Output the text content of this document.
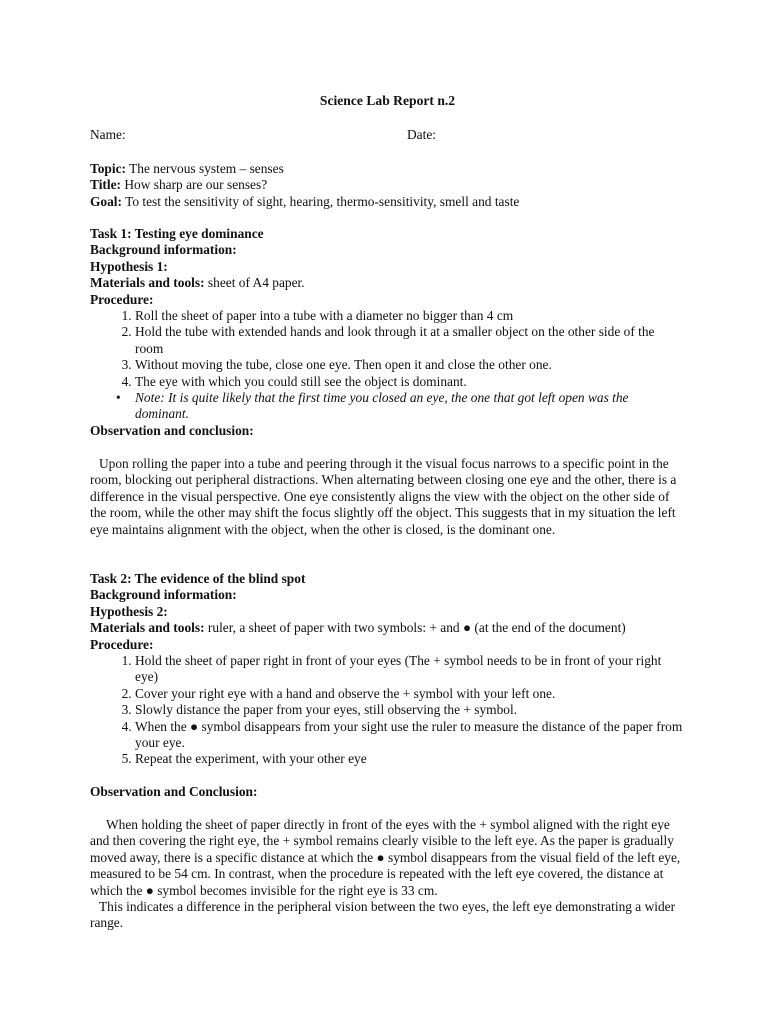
Science Lab Report n.2
Name:	Date:
Topic: The nervous system – senses
Title: How sharp are our senses?
Goal: To test the sensitivity of sight, hearing, thermo-sensitivity, smell and taste
Task 1: Testing eye dominance
Background information:
Hypothesis 1:
Materials and tools: sheet of A4 paper.
Procedure:
1. Roll the sheet of paper into a tube with a diameter no bigger than 4 cm
2. Hold the tube with extended hands and look through it at a smaller object on the other side of the room
3. Without moving the tube, close one eye. Then open it and close the other one.
4. The eye with which you could still see the object is dominant.
• Note: It is quite likely that the first time you closed an eye, the one that got left open was the dominant.
Observation and conclusion:

Upon rolling the paper into a tube and peering through it the visual focus narrows to a specific point in the room, blocking out peripheral distractions. When alternating between closing one eye and the other, there is a difference in the visual perspective. One eye consistently aligns the view with the object on the other side of the room, while the other may shift the focus slightly off the object. This suggests that in my situation the left eye maintains alignment with the object, when the other is closed, is the dominant one.

Task 2: The evidence of the blind spot
Background information:
Hypothesis 2:
Materials and tools: ruler, a sheet of paper with two symbols: + and ● (at the end of the document)
Procedure:
1. Hold the sheet of paper right in front of your eyes (The + symbol needs to be in front of your right eye)
2. Cover your right eye with a hand and observe the + symbol with your left one.
3. Slowly distance the paper from your eyes, still observing the + symbol.
4. When the ● symbol disappears from your sight use the ruler to measure the distance of the paper from your eye.
5. Repeat the experiment, with your other eye
Observation and Conclusion:

When holding the sheet of paper directly in front of the eyes with the + symbol aligned with the right eye and then covering the right eye, the + symbol remains clearly visible to the left eye. As the paper is gradually moved away, there is a specific distance at which the ● symbol disappears from the visual field of the left eye, measured to be 54 cm. In contrast, when the procedure is repeated with the left eye covered, the distance at which the ● symbol becomes invisible for the right eye is 33 cm.

This indicates a difference in the peripheral vision between the two eyes, the left eye demonstrating a wider range.
